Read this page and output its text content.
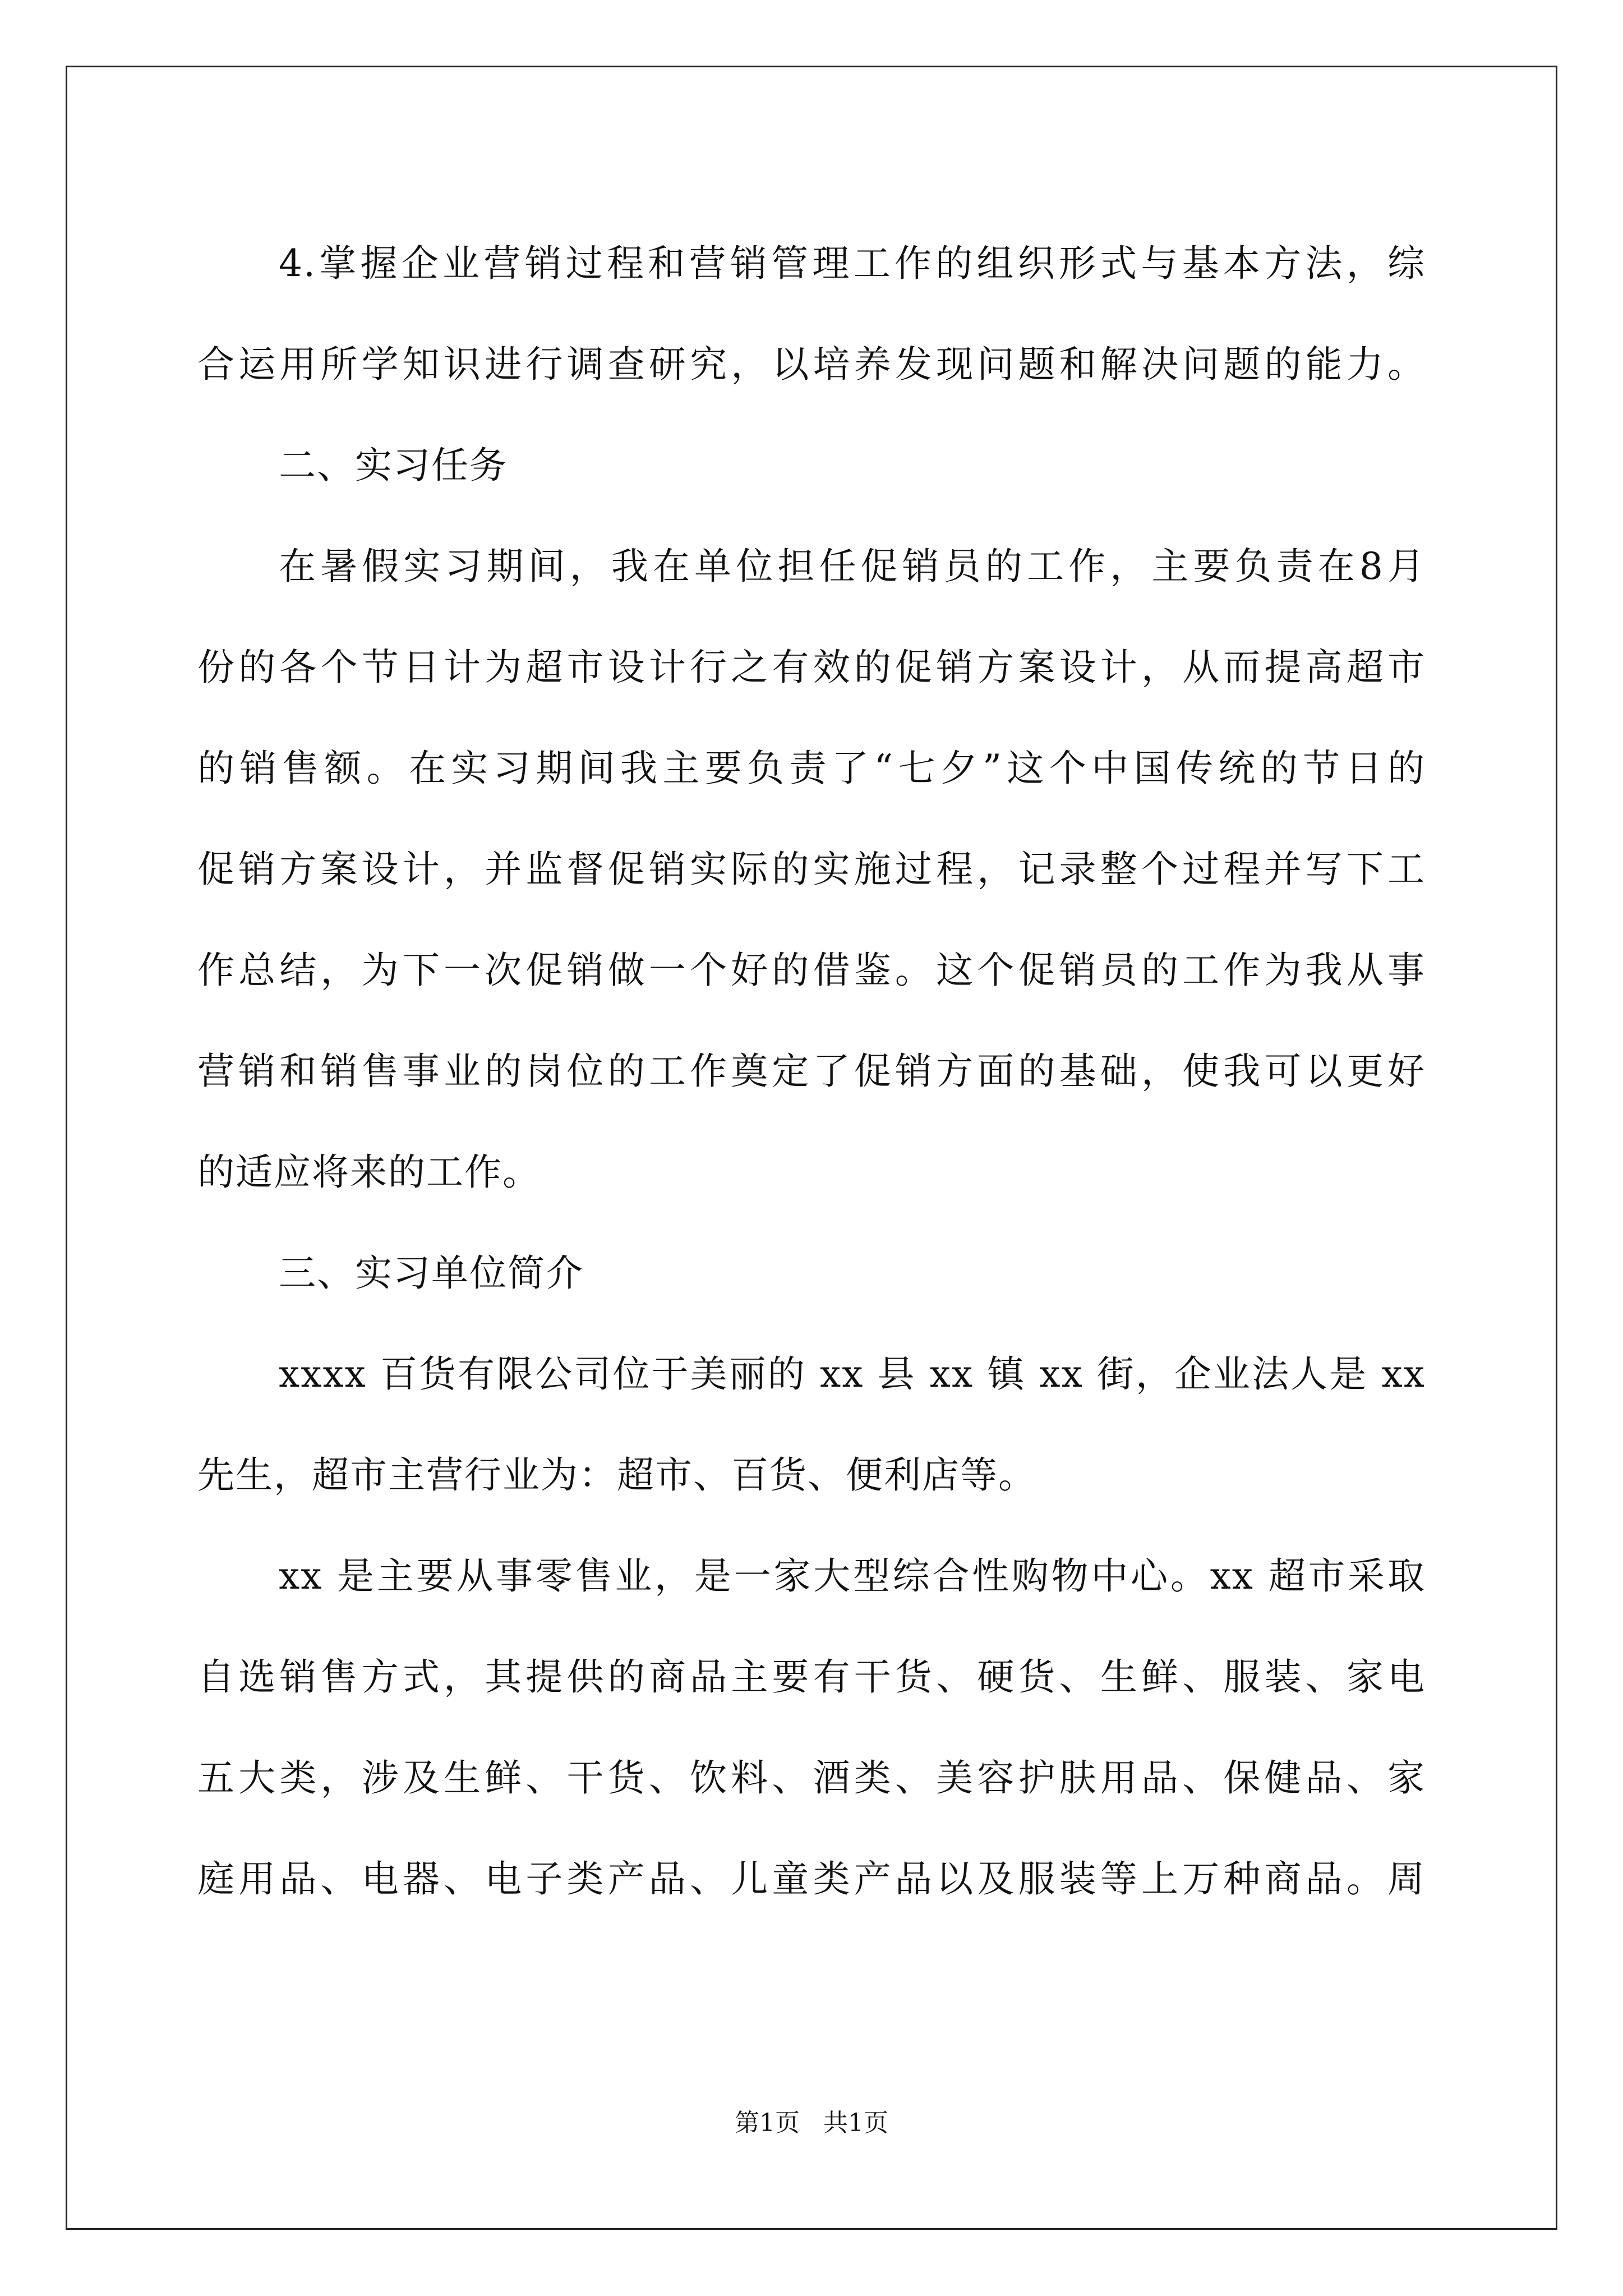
4.掌握企业营销过程和营销管理工作的组织形式与基本方法，综
合运用所学知识进行调查研究，以培养发现问题和解决问题的能力。
二、实习任务
在暑假实习期间，我在单位担任促销员的工作，主要负责在8月
份的各个节日计为超市设计行之有效的促销方案设计，从而提高超市
的销售额。在实习期间我主要负责了“七夕”这个中国传统的节日的
促销方案设计，并监督促销实际的实施过程，记录整个过程并写下工
作总结，为下一次促销做一个好的借鉴。这个促销员的工作为我从事
营销和销售事业的岗位的工作奠定了促销方面的基础，使我可以更好
的适应将来的工作。
三、实习单位简介
xxxx 百货有限公司位于美丽的 xx 县 xx 镇 xx 街，企业法人是 xx
先生，超市主营行业为：超市、百货、便利店等。
xx 是主要从事零售业，是一家大型综合性购物中心。xx 超市采取
自选销售方式，其提供的商品主要有干货、硬货、生鲜、服装、家电
五大类，涉及生鲜、干货、饮料、酒类、美容护肤用品、保健品、家
庭用品、电器、电子类产品、儿童类产品以及服装等上万种商品。周
第1页   共1页
